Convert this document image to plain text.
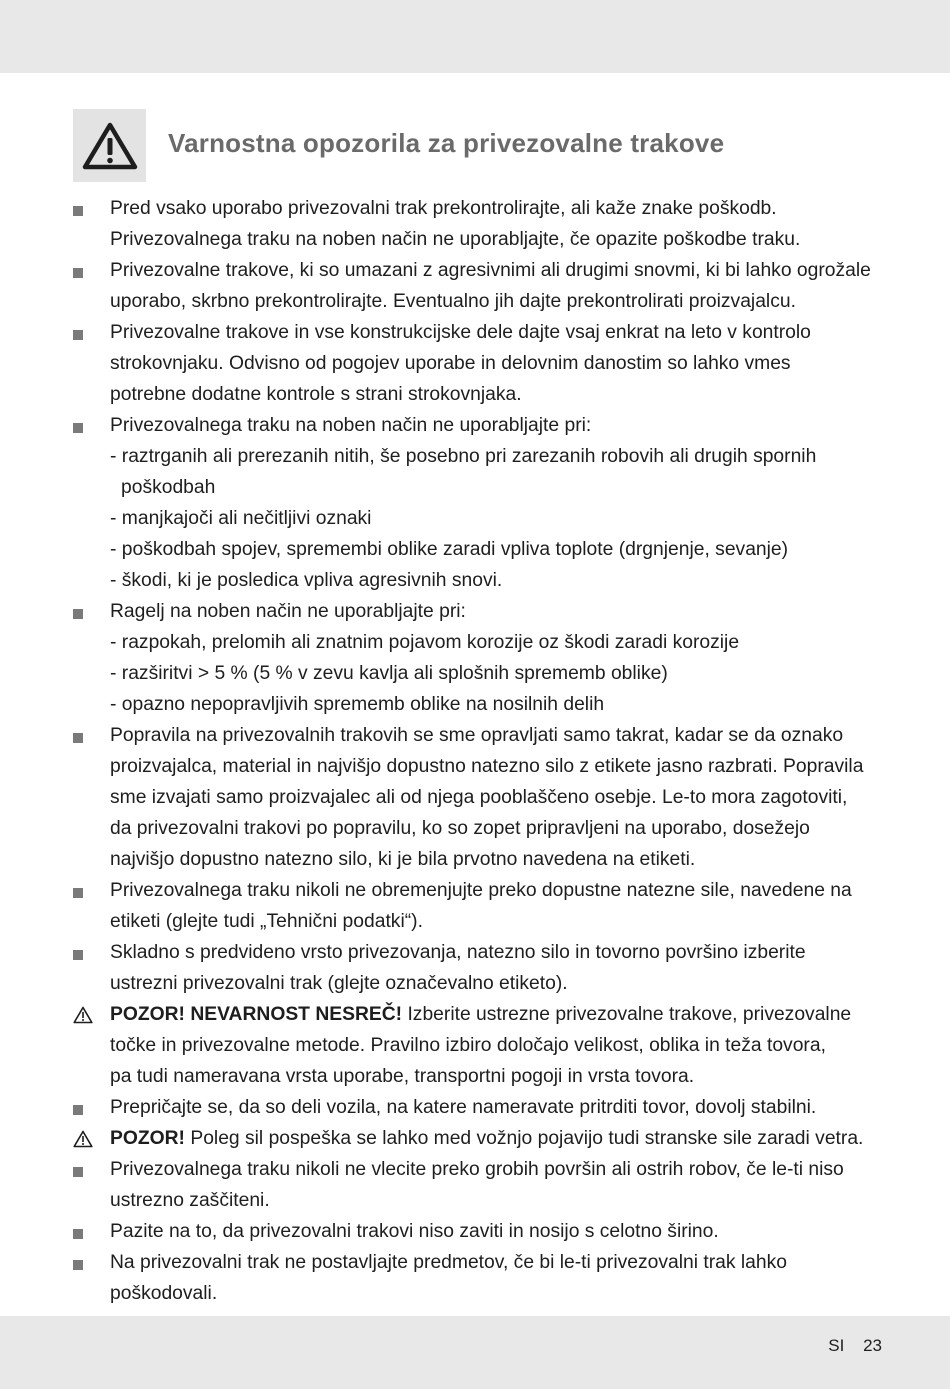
Varnostna opozorila za privezovalne trakove
Pred vsako uporabo privezovalni trak prekontrolirajte, ali kaže znake poškodb.
Privezovalnega traku na noben način ne uporabljajte, če opazite poškodbe traku.
Privezovalne trakove, ki so umazani z agresivnimi ali drugimi snovmi, ki bi lahko ogrožale
uporabo, skrbno prekontrolirajte. Eventualno jih dajte prekontrolirati proizvajalcu.
Privezovalne trakove in vse konstrukcijske dele dajte vsaj enkrat na leto v kontrolo
strokovnjaku. Odvisno od pogojev uporabe in delovnim danostim so lahko vmes
potrebne dodatne kontrole s strani strokovnjaka.
Privezovalnega traku na noben način ne uporabljajte pri:
- raztrganih ali prerezanih nitih, še posebno pri zarezanih robovih ali drugih spornih poškodbah
- manjkajoči ali nečitljivi oznaki
- poškodbah spojev, spremembi oblike zaradi vpliva toplote (drgnjenje, sevanje)
- škodi, ki je posledica vpliva agresivnih snovi.
Ragelj na noben način ne uporabljajte pri:
- razpokah, prelomih ali znatnim pojavom korozije oz škodi zaradi korozije
- razširitvi > 5 % (5 % v zevu kavlja ali splošnih sprememb oblike)
- opazno nepopravljivih sprememb oblike na nosilnih delih
Popravila na privezovalnih trakovih se sme opravljati samo takrat, kadar se da oznako
proizvajalca, material in najvišjo dopustno natezno silo z etikete jasno razbrati. Popravila
sme izvajati samo proizvajalec ali od njega pooblaščeno osebje. Le-to mora zagotoviti,
da privezovalni trakovi po popravilu, ko so zopet pripravljeni na uporabo, dosežejo
najvišjo dopustno natezno silo, ki je bila prvotno navedena na etiketi.
Privezovalnega traku nikoli ne obremenjujte preko dopustne natezne sile, navedene na
etiketi (glejte tudi „Tehnični podatki“).
Skladno s predvideno vrsto privezovanja, natezno silo in tovorno površino izberite
ustrezni privezovalni trak (glejte označevalno etiketo).
POZOR! NEVARNOST NESREČ! Izberite ustrezne privezovalne trakove, privezovalne
točke in privezovalne metode. Pravilno izbiro določajo velikost, oblika in teža tovora,
pa tudi nameravana vrsta uporabe, transportni pogoji in vrsta tovora.
Prepričajte se, da so deli vozila, na katere nameravate pritrditi tovor, dovolj stabilni.
POZOR! Poleg sil pospeška se lahko med vožnjo pojavijo tudi stranske sile zaradi vetra.
Privezovalnega traku nikoli ne vlecite preko grobih površin ali ostrih robov, če le-ti niso
ustrezno zaščiteni.
Pazite na to, da privezovalni trakovi niso zaviti in nosijo s celotno širino.
Na privezovalni trak ne postavljajte predmetov, če bi le-ti privezovalni trak lahko
poškodovali.
SI 23
